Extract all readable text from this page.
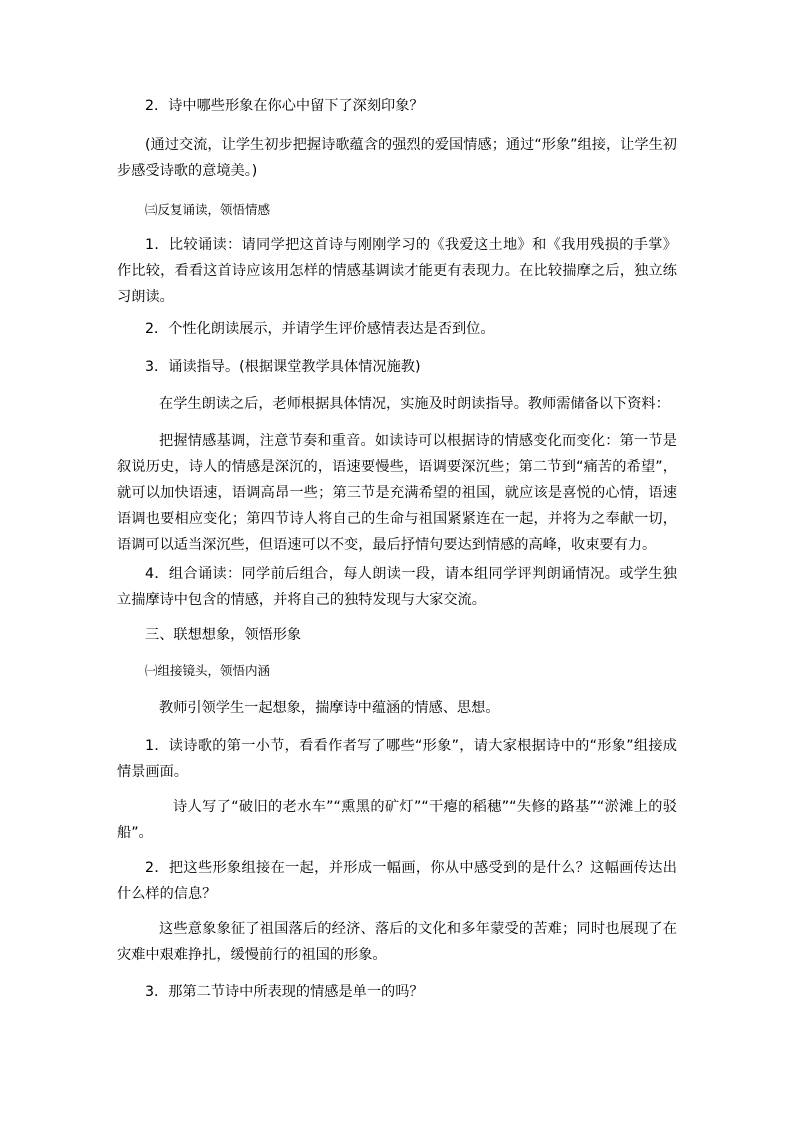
2．诗中哪些形象在你心中留下了深刻印象？

(通过交流，让学生初步把握诗歌蕴含的强烈的爱国情感；通过“形象”组接，让学生初步感受诗歌的意境美。)

㈢反复诵读，领悟情感

1．比较诵读：请同学把这首诗与刚刚学习的《我爱这土地》和《我用残损的手掌》作比较，看看这首诗应该用怎样的情感基调读才能更有表现力。在比较揣摩之后，独立练习朗读。

2．个性化朗读展示，并请学生评价感情表达是否到位。

3．诵读指导。(根据课堂教学具体情况施教)

在学生朗读之后，老师根据具体情况，实施及时朗读指导。教师需储备以下资料：

把握情感基调，注意节奏和重音。如读诗可以根据诗的情感变化而变化：第一节是叙说历史，诗人的情感是深沉的，语速要慢些，语调要深沉些；第二节到“痛苦的希望”，就可以加快语速，语调高昂一些；第三节是充满希望的祖国，就应该是喜悦的心情，语速语调也要相应变化；第四节诗人将自己的生命与祖国紧紧连在一起，并将为之奉献一切，语调可以适当深沉些，但语速可以不变，最后抒情句要达到情感的高峰，收束要有力。

4．组合诵读：同学前后组合，每人朗读一段，请本组同学评判朗诵情况。或学生独立揣摩诗中包含的情感，并将自己的独特发现与大家交流。

三、联想想象，领悟形象

㈠组接镜头，领悟内涵

教师引领学生一起想象，揣摩诗中蕴涵的情感、思想。

1．读诗歌的第一小节，看看作者写了哪些“形象”，请大家根据诗中的“形象”组接成情景画面。

诗人写了“破旧的老水车”“熏黑的矿灯”“干瘪的稻穗”“失修的路基”“淤滩上的驳船”。

2．把这些形象组接在一起，并形成一幅画，你从中感受到的是什么？这幅画传达出什么样的信息？

这些意象象征了祖国落后的经济、落后的文化和多年蒙受的苦难；同时也展现了在灾难中艰难挣扎，缓慢前行的祖国的形象。

3．那第二节诗中所表现的情感是单一的吗？
